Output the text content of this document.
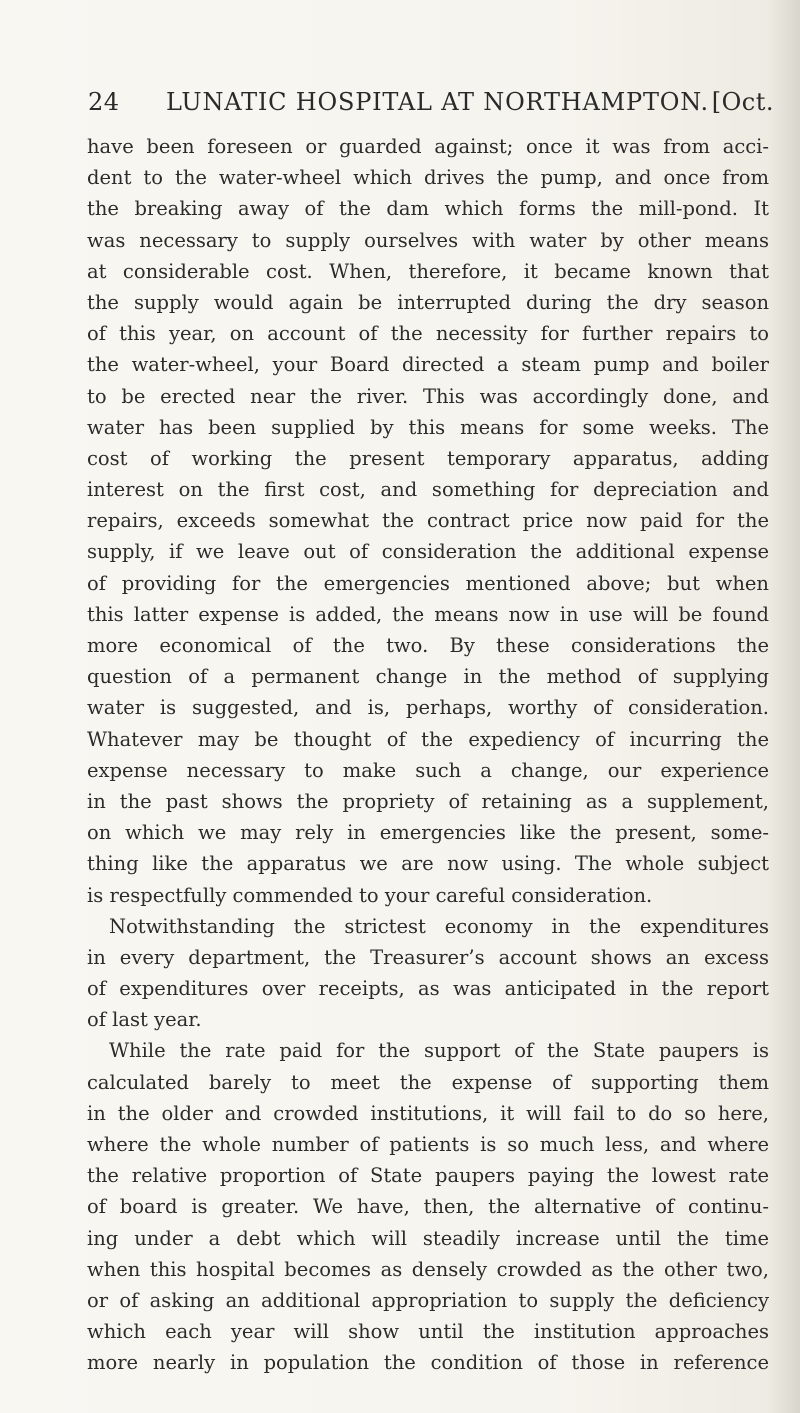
24	LUNATIC HOSPITAL AT NORTHAMPTON. [Oct.
have been foreseen or guarded against; once it was from acci-
dent to the water-wheel which drives the pump, and once from
the breaking away of the dam which forms the mill-pond. It
was necessary to supply ourselves with water by other means
at considerable cost. When, therefore, it became known that
the supply would again be interrupted during the dry season
of this year, on account of the necessity for further repairs to
the water-wheel, your Board directed a steam pump and boiler
to be erected near the river. This was accordingly done, and
water has been supplied by this means for some weeks. The
cost of working the present temporary apparatus, adding
interest on the first cost, and something for depreciation and
repairs, exceeds somewhat the contract price now paid for the
supply, if we leave out of consideration the additional expense
of providing for the emergencies mentioned above; but when
this latter expense is added, the means now in use will be found
more economical of the two. By these considerations the
question of a permanent change in the method of supplying
water is suggested, and is, perhaps, worthy of consideration.
Whatever may be thought of the expediency of incurring the
expense necessary to make such a change, our experience
in the past shows the propriety of retaining as a supplement,
on which we may rely in emergencies like the present, some-
thing like the apparatus we are now using. The whole subject
is respectfully commended to your careful consideration.
Notwithstanding the strictest economy in the expenditures
in every department, the Treasurer’s account shows an excess
of expenditures over receipts, as was anticipated in the report
of last year.
While the rate paid for the support of the State paupers is
calculated barely to meet the expense of supporting them
in the older and crowded institutions, it will fail to do so here,
where the whole number of patients is so much less, and where
the relative proportion of State paupers paying the lowest rate
of board is greater. We have, then, the alternative of continu-
ing under a debt which will steadily increase until the time
when this hospital becomes as densely crowded as the other two,
or of asking an additional appropriation to supply the deficiency
which each year will show until the institution approaches
more nearly in population the condition of those in reference
